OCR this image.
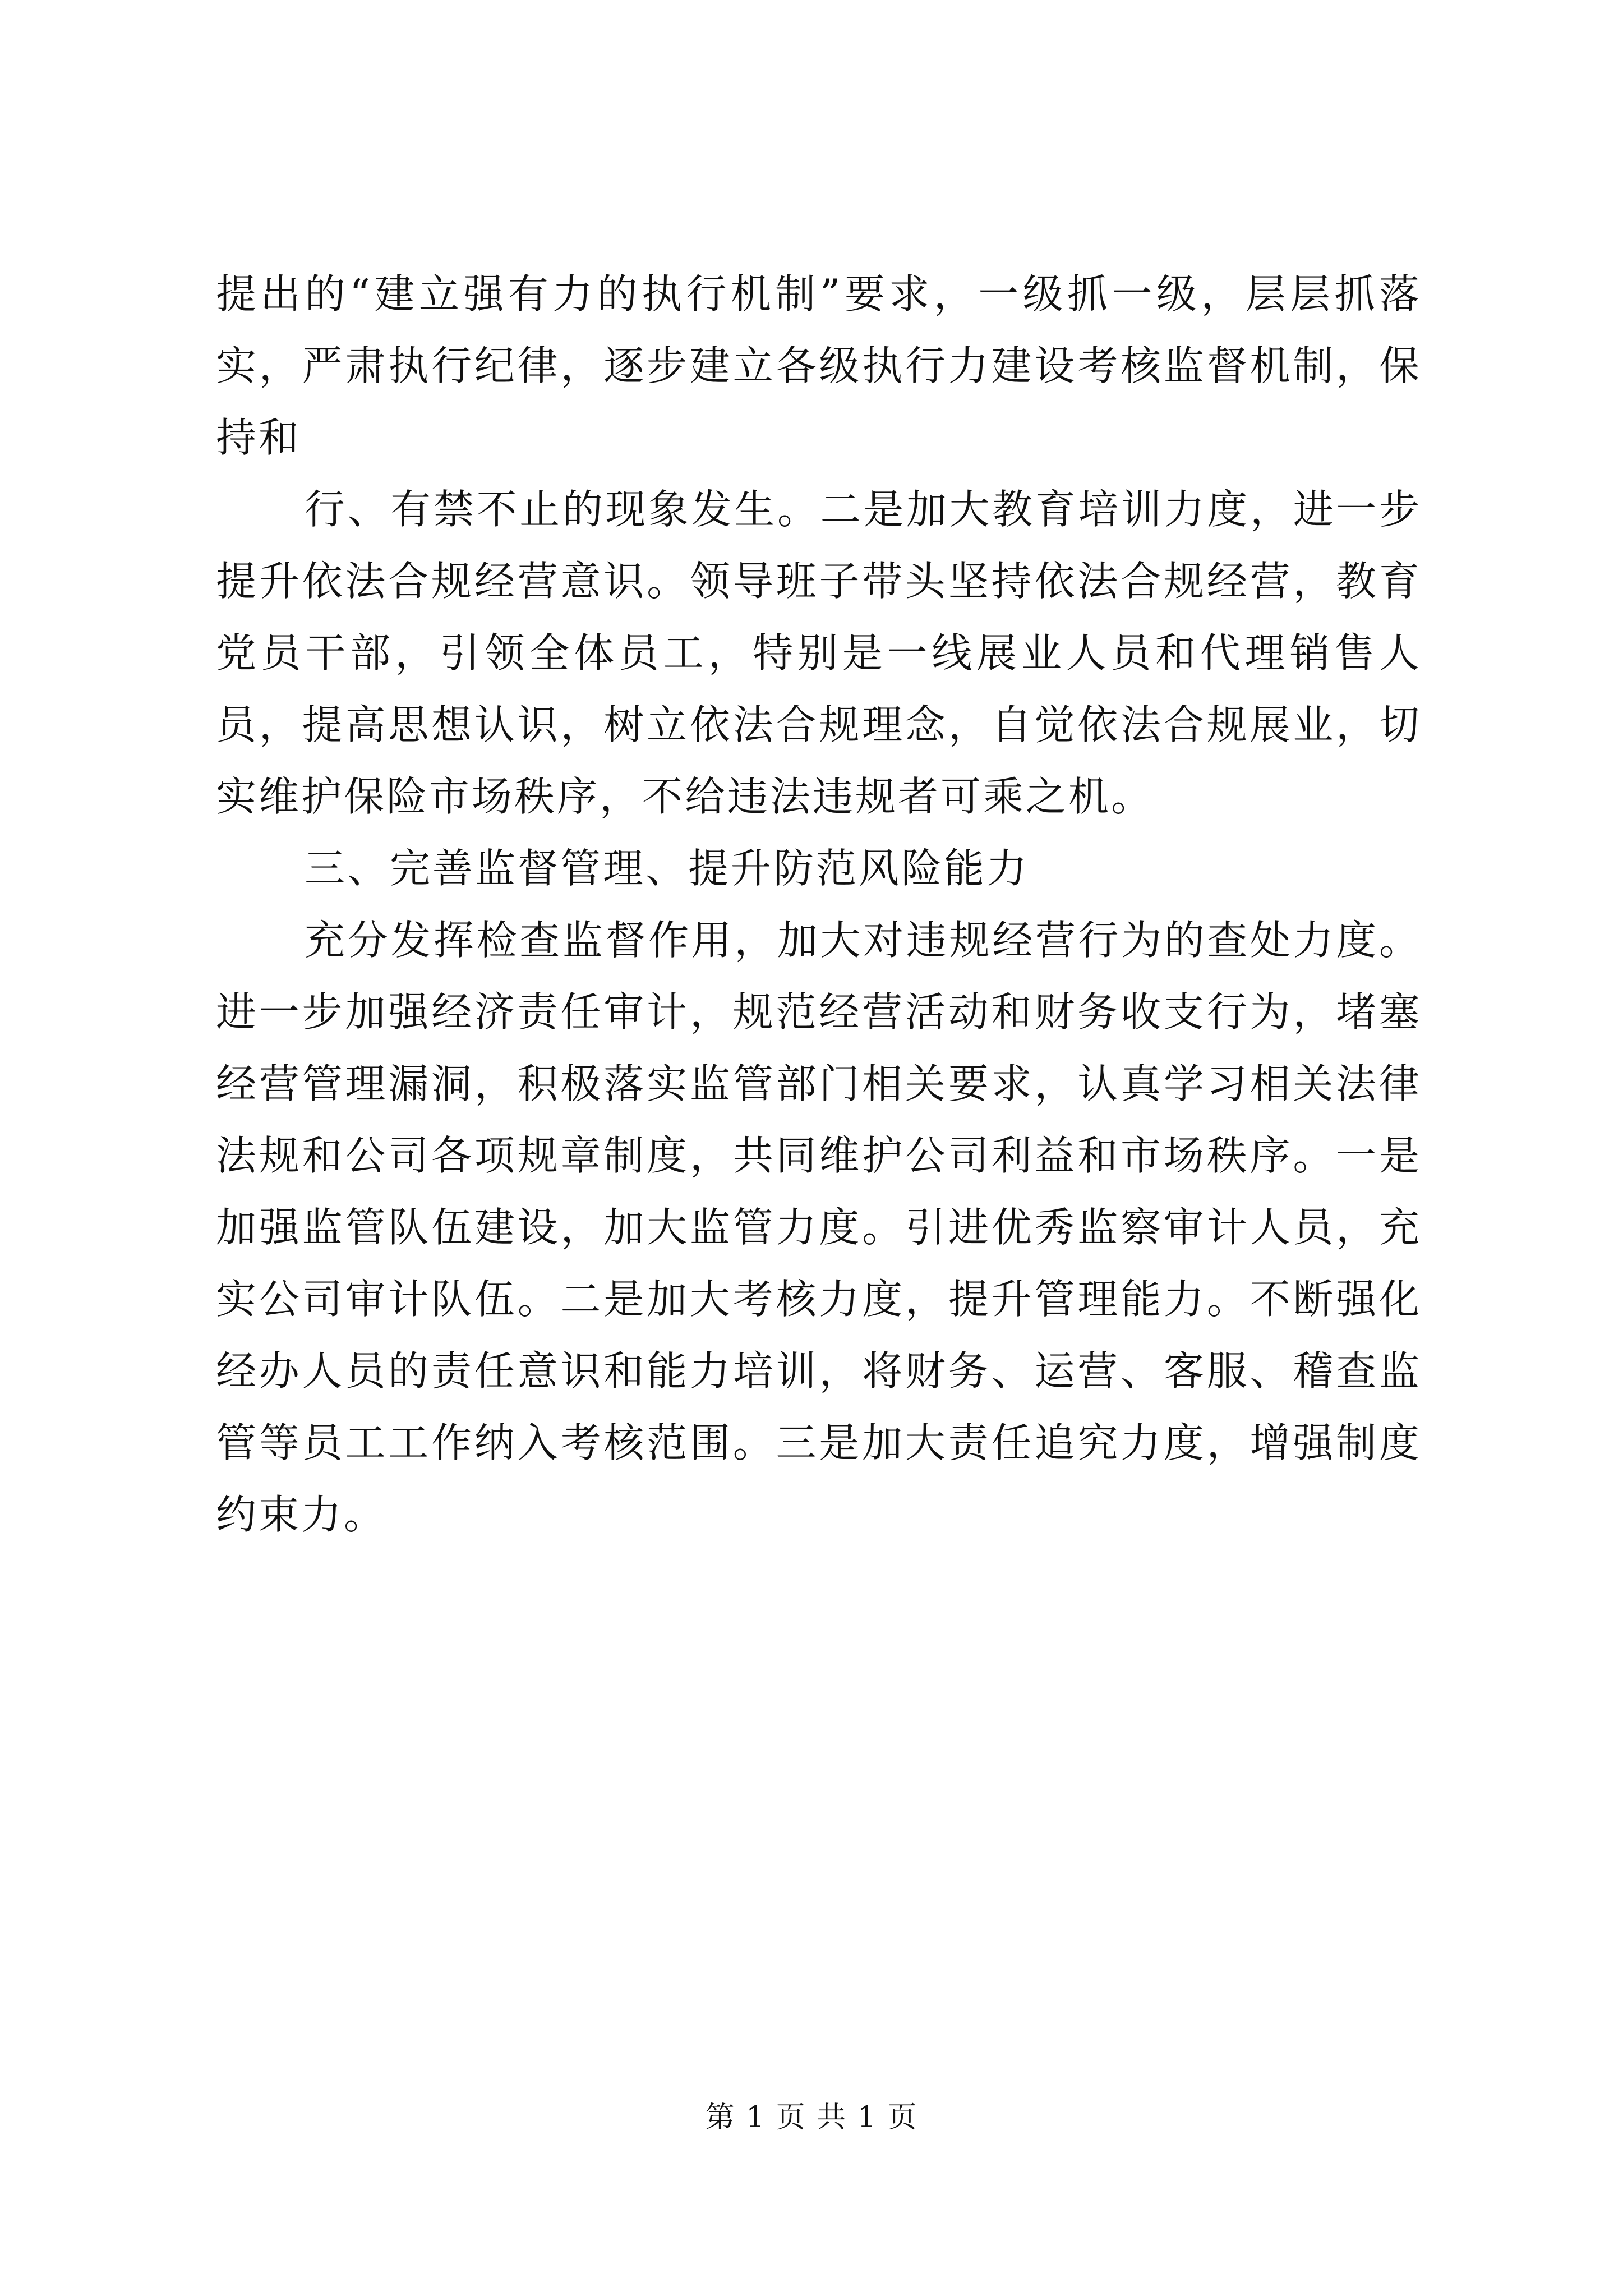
提出的“建立强有力的执行机制”要求，一级抓一级，层层抓落实，严肃执行纪律，逐步建立各级执行力建设考核监督机制，保持和

行、有禁不止的现象发生。二是加大教育培训力度，进一步提升依法合规经营意识。领导班子带头坚持依法合规经营，教育党员干部，引领全体员工，特别是一线展业人员和代理销售人员，提高思想认识，树立依法合规理念，自觉依法合规展业，切实维护保险市场秩序，不给违法违规者可乘之机。

三、完善监督管理、提升防范风险能力

充分发挥检查监督作用，加大对违规经营行为的查处力度。进一步加强经济责任审计，规范经营活动和财务收支行为，堵塞经营管理漏洞，积极落实监管部门相关要求，认真学习相关法律法规和公司各项规章制度，共同维护公司利益和市场秩序。一是加强监管队伍建设，加大监管力度。引进优秀监察审计人员，充实公司审计队伍。二是加大考核力度，提升管理能力。不断强化经办人员的责任意识和能力培训，将财务、运营、客服、稽查监管等员工工作纳入考核范围。三是加大责任追究力度，增强制度约束力。

第 1 页 共 1 页
